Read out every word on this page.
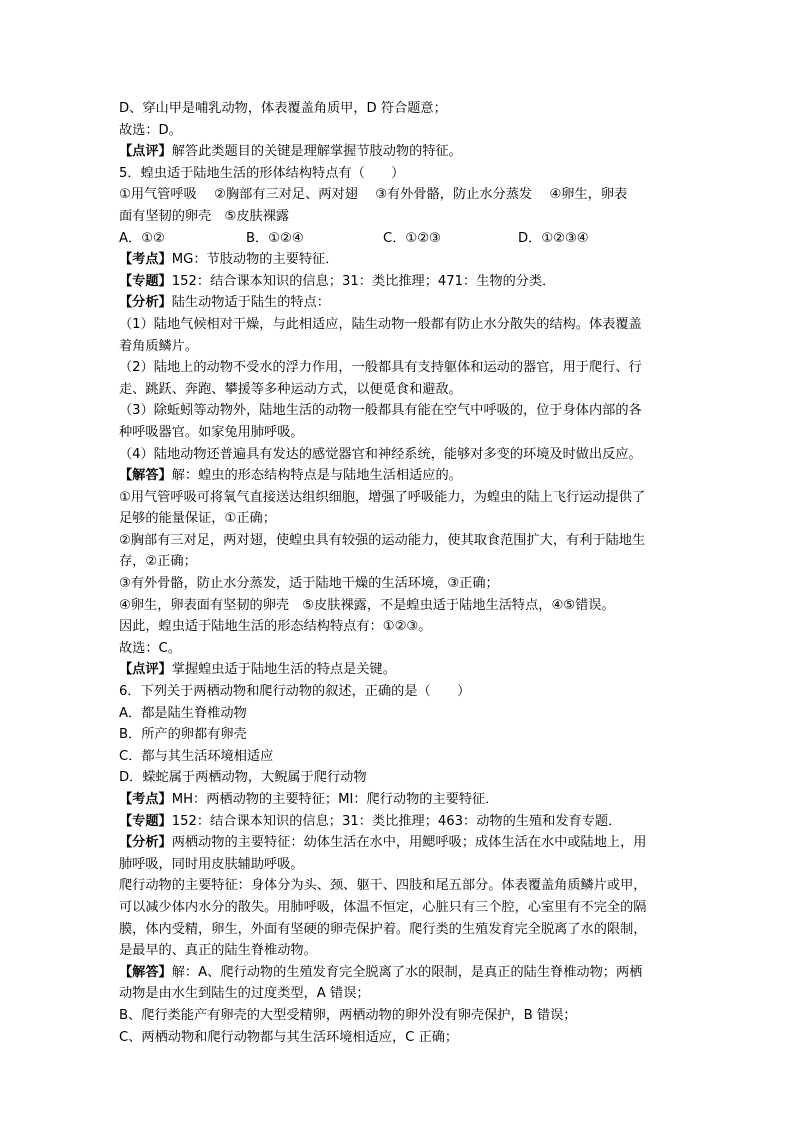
D、穿山甲是哺乳动物，体表覆盖角质甲，D 符合题意；
故选：D。
【点评】解答此类题目的关键是理解掌握节肢动物的特征。
5．蝗虫适于陆地生活的形体结构特点有（　　）
①用气管呼吸　 ②胸部有三对足、两对翅　 ③有外骨骼，防止水分蒸发　 ④卵生，卵表
面有坚韧的卵壳　⑤皮肤裸露
A．①②	B．①②④	C．①②③	D．①②③④
【考点】MG：节肢动物的主要特征．
【专题】152：结合课本知识的信息；31：类比推理；471：生物的分类．
【分析】陆生动物适于陆生的特点：
（1）陆地气候相对干燥，与此相适应，陆生动物一般都有防止水分散失的结构。体表覆盖
着角质鳞片。
（2）陆地上的动物不受水的浮力作用，一般都具有支持躯体和运动的器官，用于爬行、行
走、跳跃、奔跑、攀援等多种运动方式，以便觅食和避敌。
（3）除蚯蚓等动物外，陆地生活的动物一般都具有能在空气中呼吸的，位于身体内部的各
种呼吸器官。如家兔用肺呼吸。
（4）陆地动物还普遍具有发达的感觉器官和神经系统，能够对多变的环境及时做出反应。
【解答】解：蝗虫的形态结构特点是与陆地生活相适应的。
①用气管呼吸可将氧气直接送达组织细胞，增强了呼吸能力，为蝗虫的陆上飞行运动提供了
足够的能量保证，①正确；
②胸部有三对足，两对翅，使蝗虫具有较强的运动能力，使其取食范围扩大，有利于陆地生
存，②正确；
③有外骨骼，防止水分蒸发，适于陆地干燥的生活环境，③正确；
④卵生，卵表面有坚韧的卵壳　⑤皮肤裸露，不是蝗虫适于陆地生活特点，④⑤错误。
因此，蝗虫适于陆地生活的形态结构特点有：①②③。
故选：C。
【点评】掌握蝗虫适于陆地生活的特点是关键。
6．下列关于两栖动物和爬行动物的叙述，正确的是（　　）
A．都是陆生脊椎动物
B．所产的卵都有卵壳
C．都与其生活环境相适应
D．蝾蛇属于两栖动物，大鲵属于爬行动物
【考点】MH：两栖动物的主要特征；MI：爬行动物的主要特征．
【专题】152：结合课本知识的信息；31：类比推理；463：动物的生殖和发育专题．
【分析】两栖动物的主要特征：幼体生活在水中，用鳃呼吸；成体生活在水中或陆地上，用
肺呼吸，同时用皮肤辅助呼吸。
爬行动物的主要特征：身体分为头、颈、躯干、四肢和尾五部分。体表覆盖角质鳞片或甲，
可以减少体内水分的散失。用肺呼吸，体温不恒定，心脏只有三个腔，心室里有不完全的隔
膜，体内受精，卵生，外面有坚硬的卵壳保护着。爬行类的生殖发育完全脱离了水的限制，
是最早的、真正的陆生脊椎动物。
【解答】解：A、爬行动物的生殖发育完全脱离了水的限制，是真正的陆生脊椎动物；两栖
动物是由水生到陆生的过度类型，A 错误；
B、爬行类能产有卵壳的大型受精卵，两栖动物的卵外没有卵壳保护，B 错误；
C、两栖动物和爬行动物都与其生活环境相适应，C 正确；
